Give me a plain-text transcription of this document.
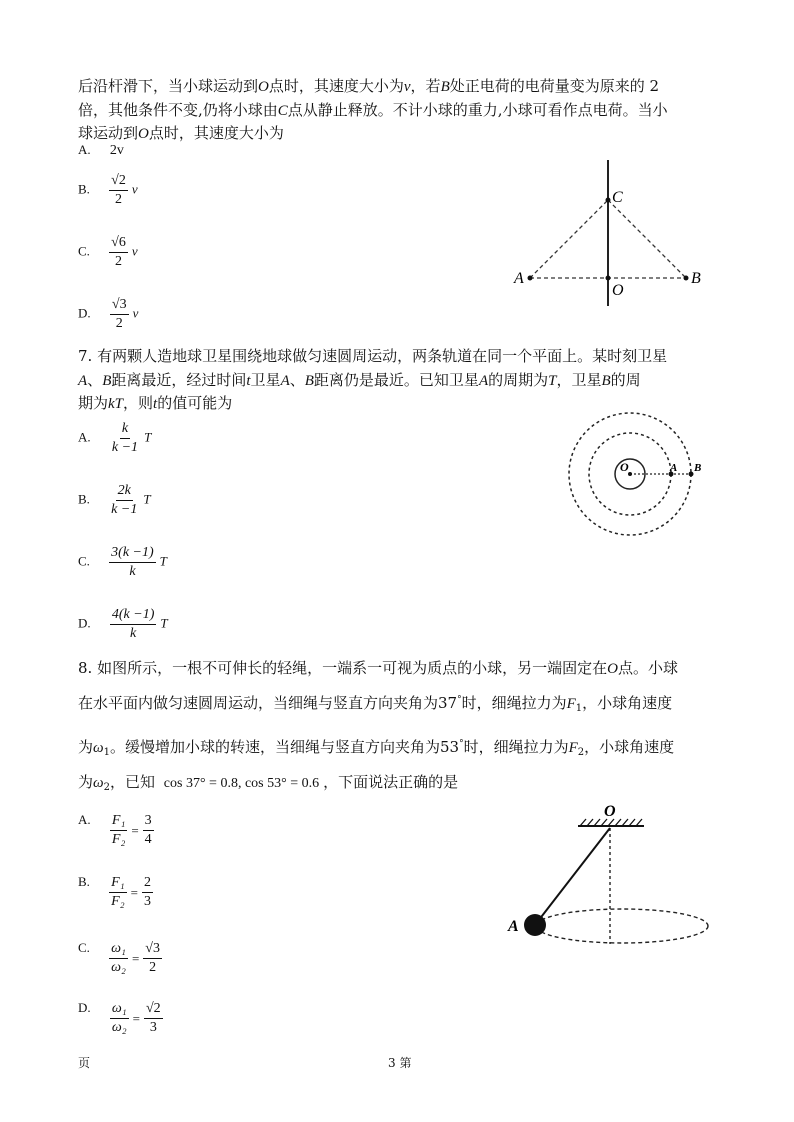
后沿杆滑下，当小球运动到O点时，其速度大小为v，若B处正电荷的电荷量变为原来的 2
倍，其他条件不变,仍将小球由C点从静止释放。不计小球的重力,小球可看作点电荷。当小
球运动到O点时，其速度大小为
A. 2v
B. $\frac{√2}{2}$ v
C. $\frac{√6}{2}$ v
D. $\frac{√3}{2}$ v
A	B
C
O
7. 有两颗人造地球卫星围绕地球做匀速圆周运动，两条轨道在同一个平面上。某时刻卫星
A、B距离最近，经过时间t卫星A、B距离仍是最近。已知卫星A的周期为T，卫星B的周
期为kT，则t的值可能为
A. $\frac{k}{k -1}$ T
B. $\frac{2k}{k -1}$ T
C. $\frac{3(k -1)}{k}$ T
D. $\frac{4(k -1)}{k}$ T
O	A B
8. 如图所示，一根不可伸长的轻绳，一端系一可视为质点的小球，另一端固定在O点。小球
在水平面内做匀速圆周运动，当细绳与竖直方向夹角为37°时，细绳拉力为$F_1$，小球角速度
为$\omega_1$。缓慢增加小球的转速，当细绳与竖直方向夹角为53°时，细绳拉力为$F_2$，小球角速度
为$\omega_2$，已知 cos 37° = 0.8, cos 53° = 0.6 ，下面说法正确的是
A. $\frac{\text{F₁}}{\text{F₂}} = \frac{3}{4}$
B. $\frac{\text{F₁}}{\text{F₂}} = \frac{2}{3}$
C. $\frac{\text{ω₁}}{\text{ω₂}} = \frac{√3}{2}$
D. $\frac{\text{ω₁}}{\text{ω₂}} = \frac{√2}{3}$
O
A
页	3 第
